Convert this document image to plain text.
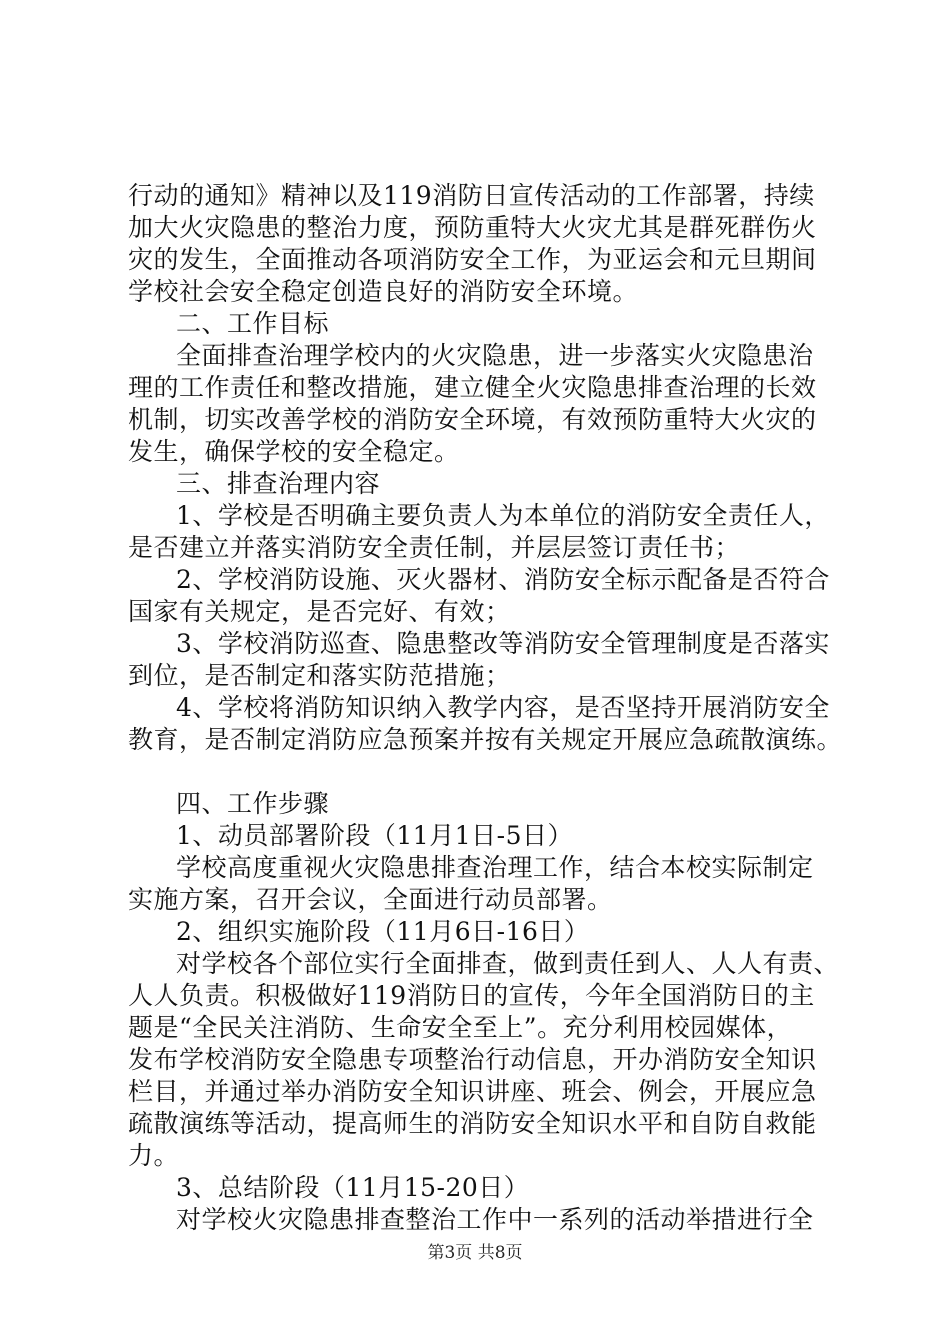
行动的通知》精神以及119消防日宣传活动的工作部署，持续
加大火灾隐患的整治力度，预防重特大火灾尤其是群死群伤火
灾的发生，全面推动各项消防安全工作，为亚运会和元旦期间
学校社会安全稳定创造良好的消防安全环境。
二、工作目标
全面排查治理学校内的火灾隐患，进一步落实火灾隐患治
理的工作责任和整改措施，建立健全火灾隐患排查治理的长效
机制，切实改善学校的消防安全环境，有效预防重特大火灾的
发生，确保学校的安全稳定。
三、排查治理内容
1、学校是否明确主要负责人为本单位的消防安全责任人，
是否建立并落实消防安全责任制，并层层签订责任书；
2、学校消防设施、灭火器材、消防安全标示配备是否符合
国家有关规定，是否完好、有效；
3、学校消防巡查、隐患整改等消防安全管理制度是否落实
到位，是否制定和落实防范措施；
4、学校将消防知识纳入教学内容，是否坚持开展消防安全
教育，是否制定消防应急预案并按有关规定开展应急疏散演练。
四、工作步骤
1、动员部署阶段（11月1日-5日）
学校高度重视火灾隐患排查治理工作，结合本校实际制定
实施方案，召开会议，全面进行动员部署。
2、组织实施阶段（11月6日-16日）
对学校各个部位实行全面排查，做到责任到人、人人有责、
人人负责。积极做好119消防日的宣传，今年全国消防日的主
题是“全民关注消防、生命安全至上”。充分利用校园媒体，
发布学校消防安全隐患专项整治行动信息，开办消防安全知识
栏目，并通过举办消防安全知识讲座、班会、例会，开展应急
疏散演练等活动，提高师生的消防安全知识水平和自防自救能
力。
3、总结阶段（11月15-20日）
对学校火灾隐患排查整治工作中一系列的活动举措进行全
第3页 共8页
